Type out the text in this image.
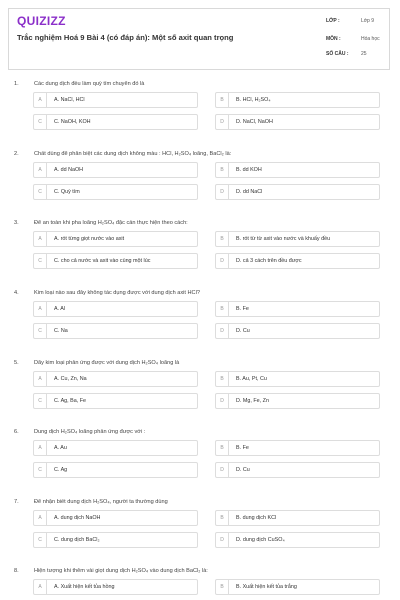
QUIZIZZ
Trắc nghiệm Hoá 9 Bài 4 (có đáp án): Một số axit quan trọng
LỚP :	Lớp 9
MÔN :	Hóa học
SỐ CÂU :	25
1.	Các dung dịch đều làm quỳ tím chuyển đỏ là
A	A. NaCl, HCl	B	B. HCl, H₂SO₄
C	C. NaOH, KOH	D	D. NaCl, NaOH
2.	Chất dùng để phân biệt các dung dịch không màu : HCl, H₂SO₄ loãng, BaCl₂ là:
A	A. dd NaOH	B	B. dd KOH
C	C. Quỳ tím	D	D. dd NaCl
3.	Để an toàn khi pha loãng H₂SO₄ đặc cần thực hiện theo cách:
A	A. rót từng giọt nước vào axit	B	B. rót từ từ axit vào nước và khuấy đều
C	C. cho cả nước và axit vào cùng một lúc	D	D. cả 3 cách trên đều được
4.	Kim loại nào sau đây không tác dụng được với dung dịch axit HCl?
A	A. Al	B	B. Fe
C	C. Na	D	D. Cu
5.	Dãy kim loại phản ứng được với dung dịch H₂SO₄ loãng là
A	A. Cu, Zn, Na	B	B. Au, Pt, Cu
C	C. Ag, Ba, Fe	D	D. Mg, Fe, Zn
6.	Dung dịch H₂SO₄ loãng phản ứng được với :
A	A. Au	B	B. Fe
C	C. Ag	D	D. Cu
7.	Để nhận biết dung dịch H₂SO₄, người ta thường dùng
A	A. dung dịch NaOH	B	B. dung dịch KCl
C	C. dung dịch BaCl₂	D	D. dung dịch CuSO₄
8.	Hiện tượng khi thêm vài giọt dung dịch H₂SO₄ vào dung dịch BaCl₂ là:
A	A. Xuất hiện kết tủa hồng	B	B. Xuất hiện kết tủa trắng
